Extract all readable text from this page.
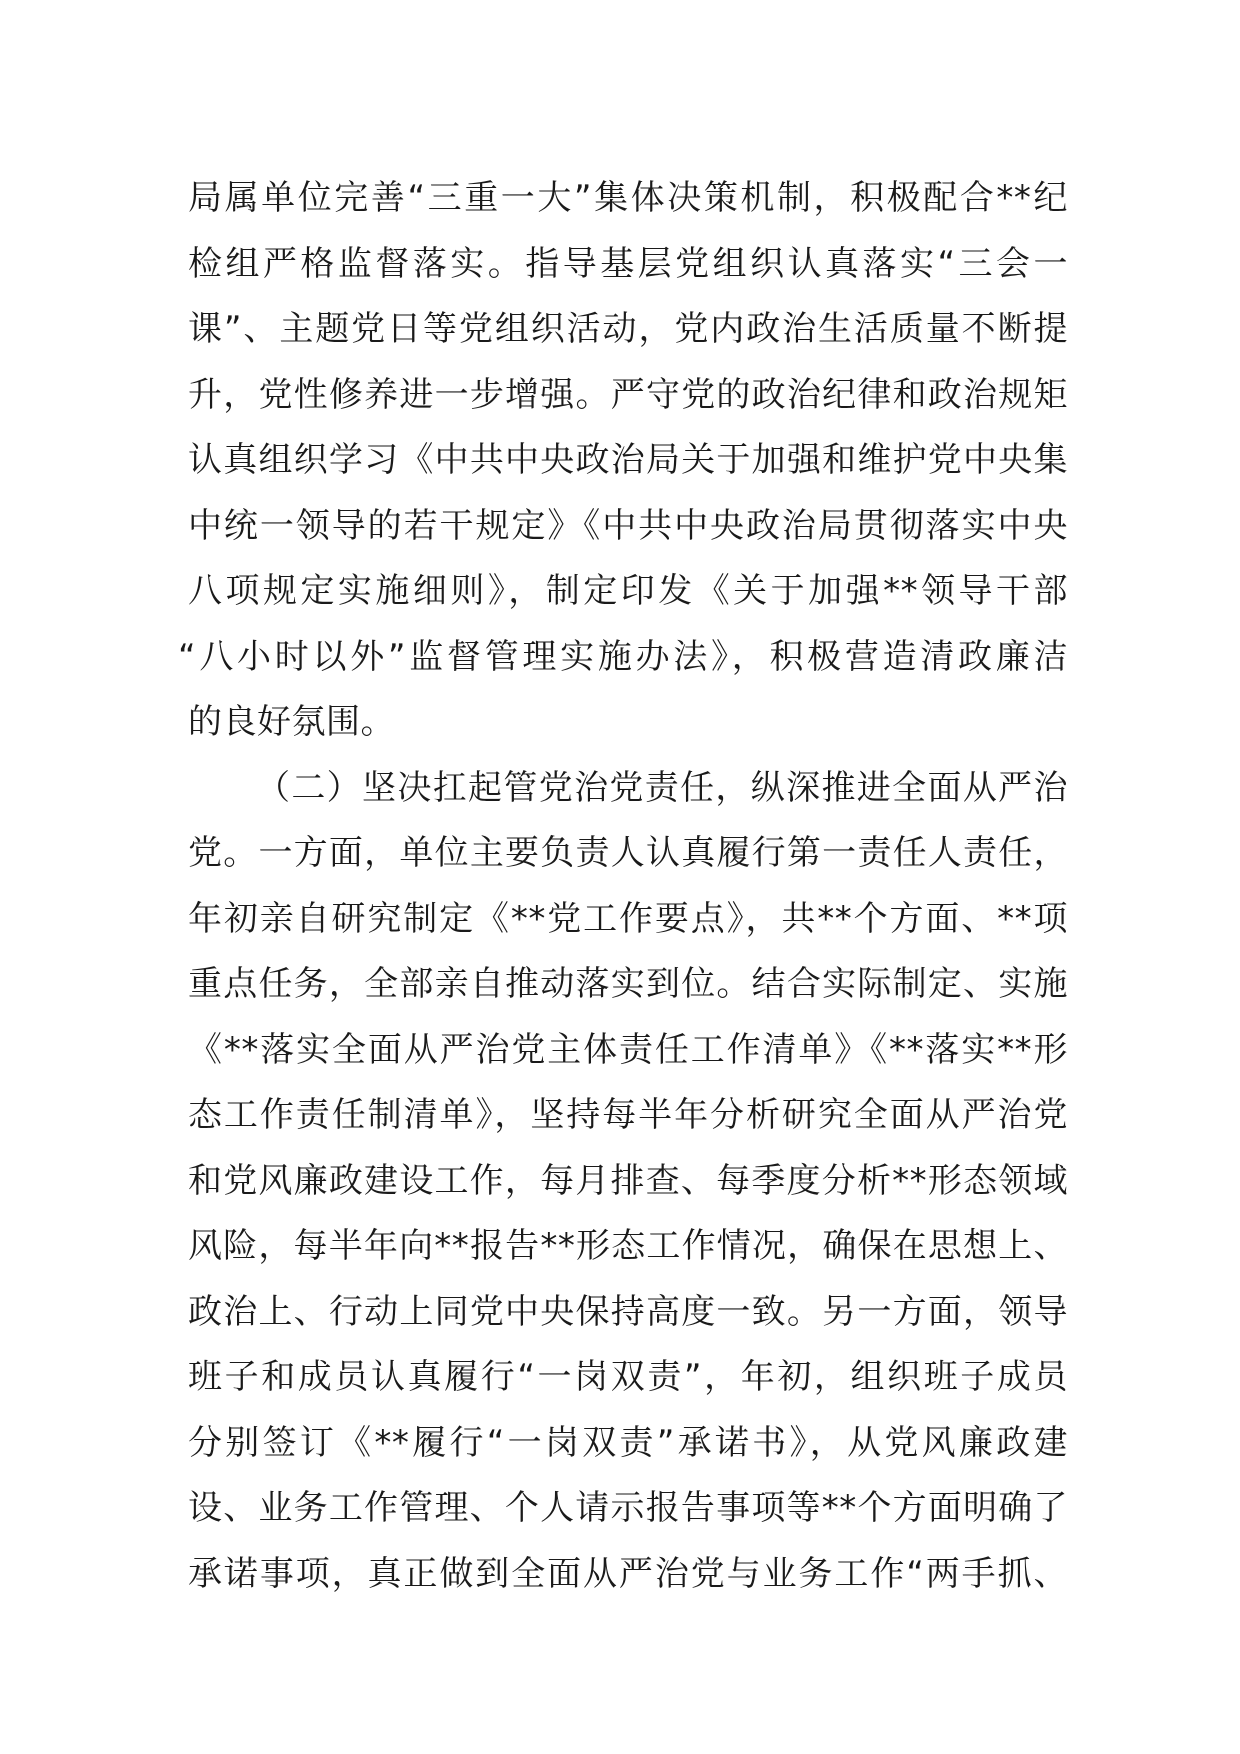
局属单位完善“三重一大”集体决策机制，积极配合**纪
检组严格监督落实。指导基层党组织认真落实“三会一
课”、主题党日等党组织活动，党内政治生活质量不断提
升，党性修养进一步增强。严守党的政治纪律和政治规矩
认真组织学习《中共中央政治局关于加强和维护党中央集
中统一领导的若干规定》《中共中央政治局贯彻落实中央
八项规定实施细则》，制定印发《关于加强**领导干部
“八小时以外”监督管理实施办法》，积极营造清政廉洁
的良好氛围。
（二）坚决扛起管党治党责任，纵深推进全面从严治
党。一方面，单位主要负责人认真履行第一责任人责任，
年初亲自研究制定《**党工作要点》，共**个方面、**项
重点任务，全部亲自推动落实到位。结合实际制定、实施
《**落实全面从严治党主体责任工作清单》《**落实**形
态工作责任制清单》，坚持每半年分析研究全面从严治党
和党风廉政建设工作，每月排查、每季度分析**形态领域
风险，每半年向**报告**形态工作情况，确保在思想上、
政治上、行动上同党中央保持高度一致。另一方面，领导
班子和成员认真履行“一岗双责”，年初，组织班子成员
分别签订《**履行“一岗双责”承诺书》，从党风廉政建
设、业务工作管理、个人请示报告事项等**个方面明确了
承诺事项，真正做到全面从严治党与业务工作“两手抓、
